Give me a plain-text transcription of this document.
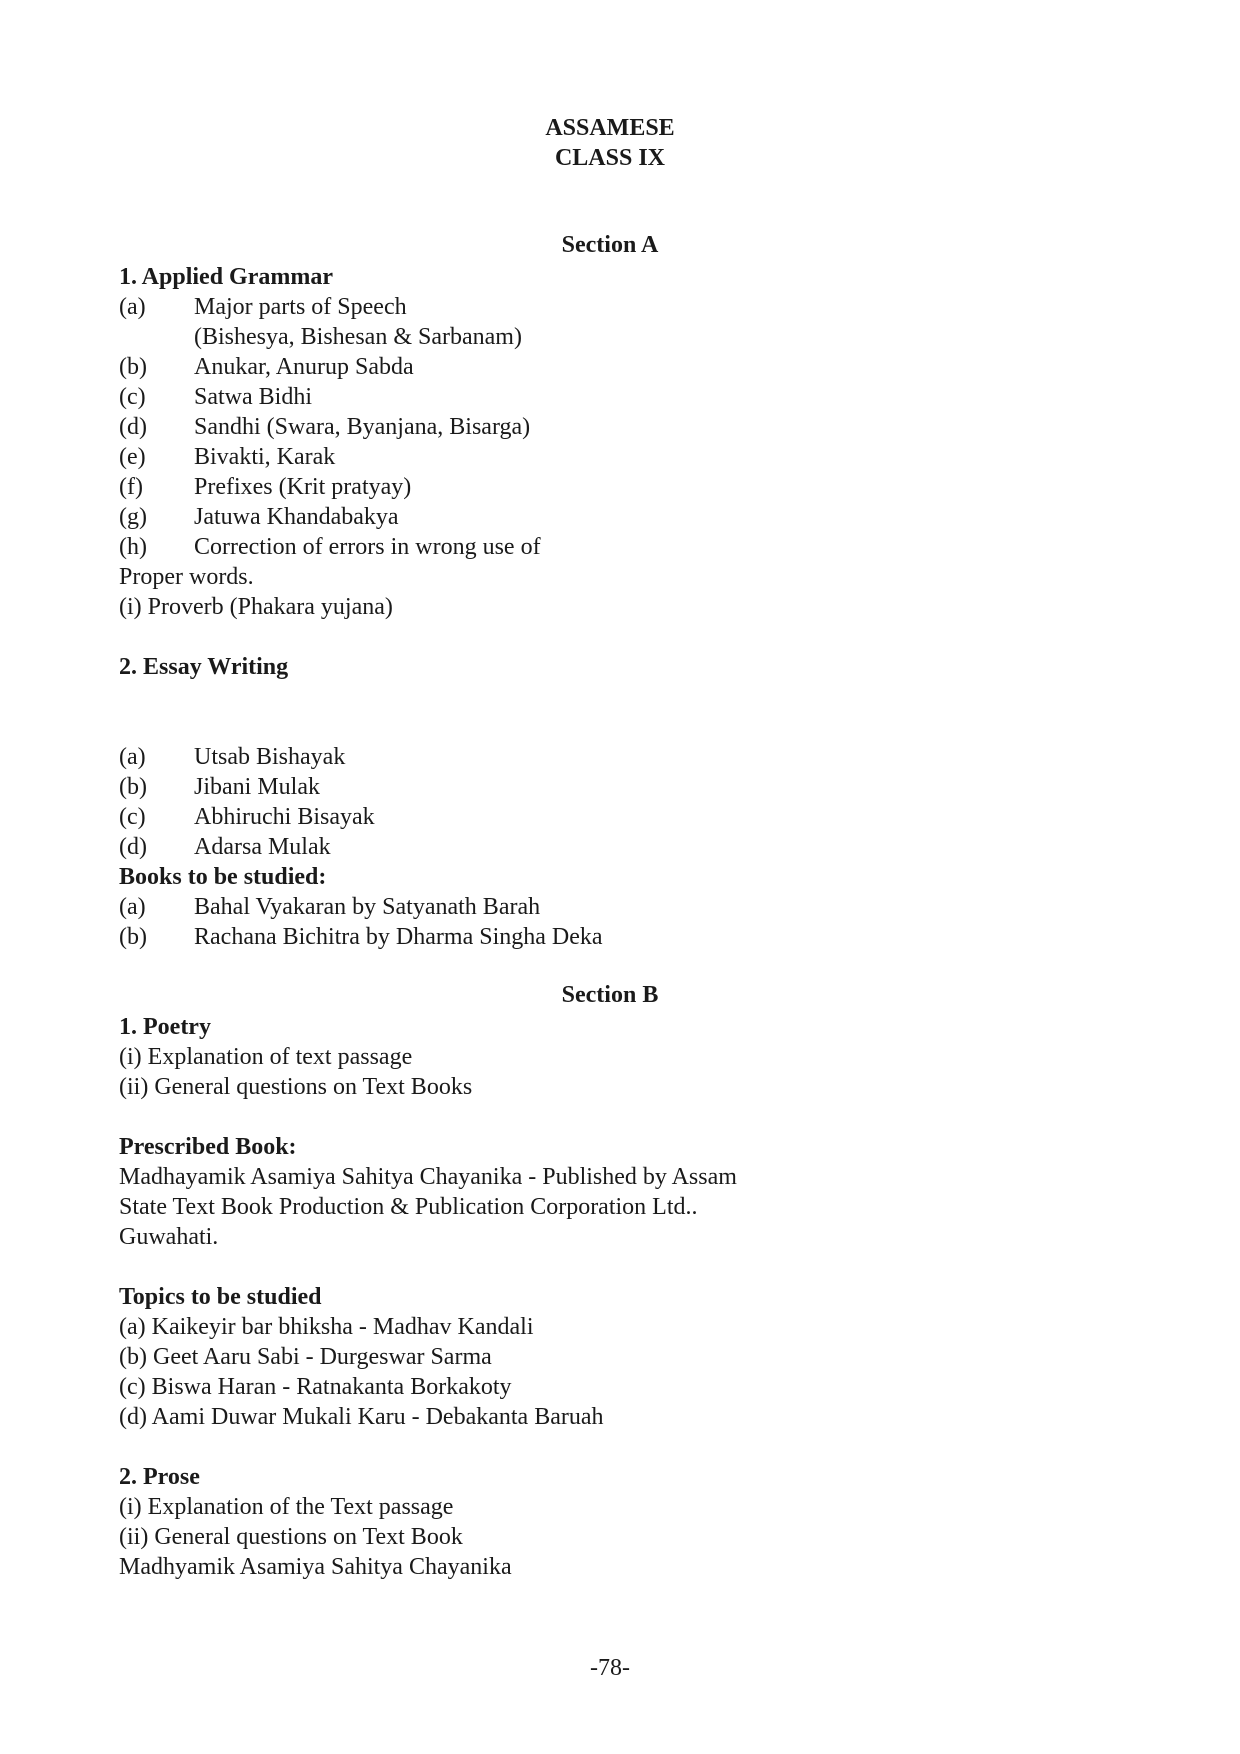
ASSAMESE
CLASS IX
Section A
1. Applied Grammar
(a) Major parts of Speech
(Bishesya, Bishesan & Sarbanam)
(b) Anukar, Anurup Sabda
(c) Satwa Bidhi
(d) Sandhi (Swara, Byanjana, Bisarga)
(e) Bivakti, Karak
(f) Prefixes (Krit pratyay)
(g) Jatuwa Khandabakya
(h) Correction of errors in wrong use of
Proper words.
(i) Proverb (Phakara yujana)
2. Essay Writing
(a) Utsab Bishayak
(b) Jibani Mulak
(c) Abhiruchi Bisayak
(d) Adarsa Mulak
Books to be studied:
(a) Bahal Vyakaran by Satyanath Barah
(b) Rachana Bichitra by Dharma Singha Deka
Section B
1. Poetry
(i) Explanation of text passage
(ii) General questions on Text Books
Prescribed Book:
Madhayamik Asamiya Sahitya Chayanika - Published by Assam
State Text Book Production & Publication Corporation Ltd..
Guwahati.
Topics to be studied
(a) Kaikeyir bar bhiksha - Madhav Kandali
(b) Geet Aaru Sabi - Durgeswar Sarma
(c) Biswa Haran - Ratnakanta Borkakoty
(d) Aami Duwar Mukali Karu - Debakanta Baruah
2. Prose
(i) Explanation of the Text passage
(ii) General questions on Text Book
Madhyamik Asamiya Sahitya Chayanika
-78-
